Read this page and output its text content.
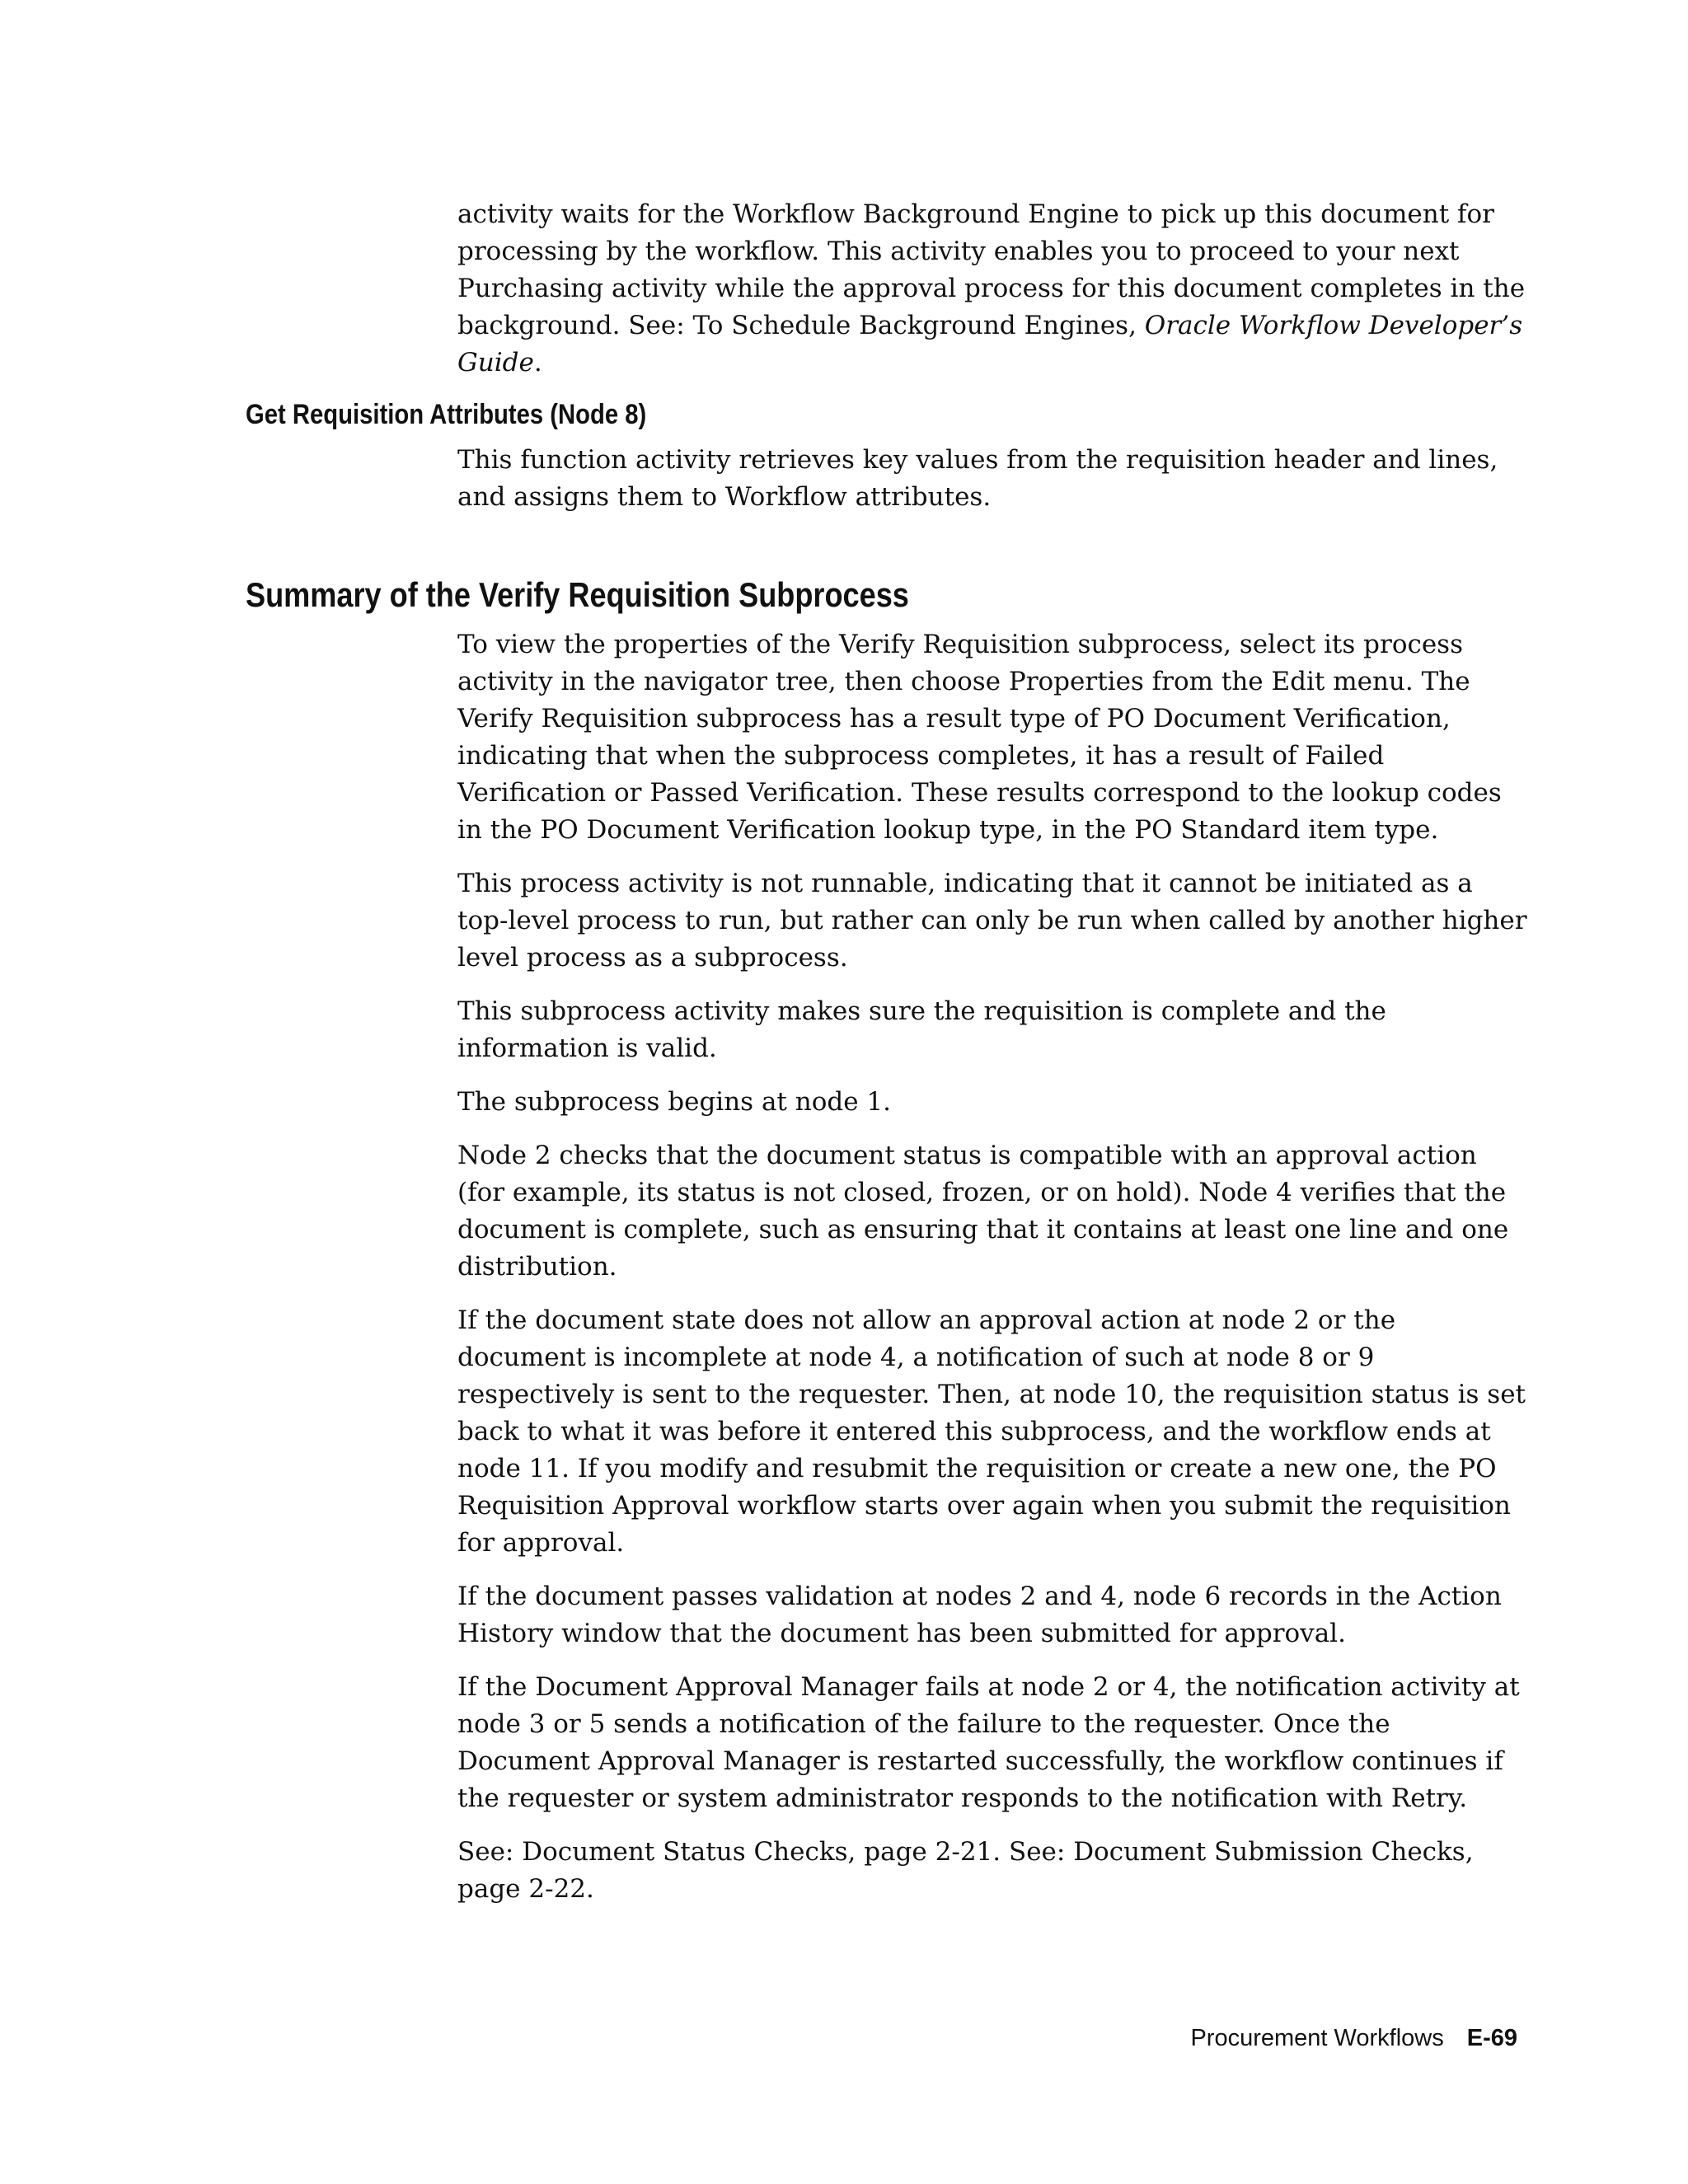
activity waits for the Workflow Background Engine to pick up this document for processing by the workflow. This activity enables you to proceed to your next Purchasing activity while the approval process for this document completes in the background. See: To Schedule Background Engines, Oracle Workflow Developer’s Guide.

Get Requisition Attributes (Node 8)

This function activity retrieves key values from the requisition header and lines, and assigns them to Workflow attributes.

Summary of the Verify Requisition Subprocess

To view the properties of the Verify Requisition subprocess, select its process activity in the navigator tree, then choose Properties from the Edit menu. The Verify Requisition subprocess has a result type of PO Document Verification, indicating that when the subprocess completes, it has a result of Failed Verification or Passed Verification. These results correspond to the lookup codes in the PO Document Verification lookup type, in the PO Standard item type.

This process activity is not runnable, indicating that it cannot be initiated as a top-level process to run, but rather can only be run when called by another higher level process as a subprocess.

This subprocess activity makes sure the requisition is complete and the information is valid.

The subprocess begins at node 1.

Node 2 checks that the document status is compatible with an approval action (for example, its status is not closed, frozen, or on hold). Node 4 verifies that the document is complete, such as ensuring that it contains at least one line and one distribution.

If the document state does not allow an approval action at node 2 or the document is incomplete at node 4, a notification of such at node 8 or 9 respectively is sent to the requester. Then, at node 10, the requisition status is set back to what it was before it entered this subprocess, and the workflow ends at node 11. If you modify and resubmit the requisition or create a new one, the PO Requisition Approval workflow starts over again when you submit the requisition for approval.

If the document passes validation at nodes 2 and 4, node 6 records in the Action History window that the document has been submitted for approval.

If the Document Approval Manager fails at node 2 or 4, the notification activity at node 3 or 5 sends a notification of the failure to the requester. Once the Document Approval Manager is restarted successfully, the workflow continues if the requester or system administrator responds to the notification with Retry.

See: Document Status Checks, page 2-21. See: Document Submission Checks, page 2-22.

Procurement Workflows E-69
